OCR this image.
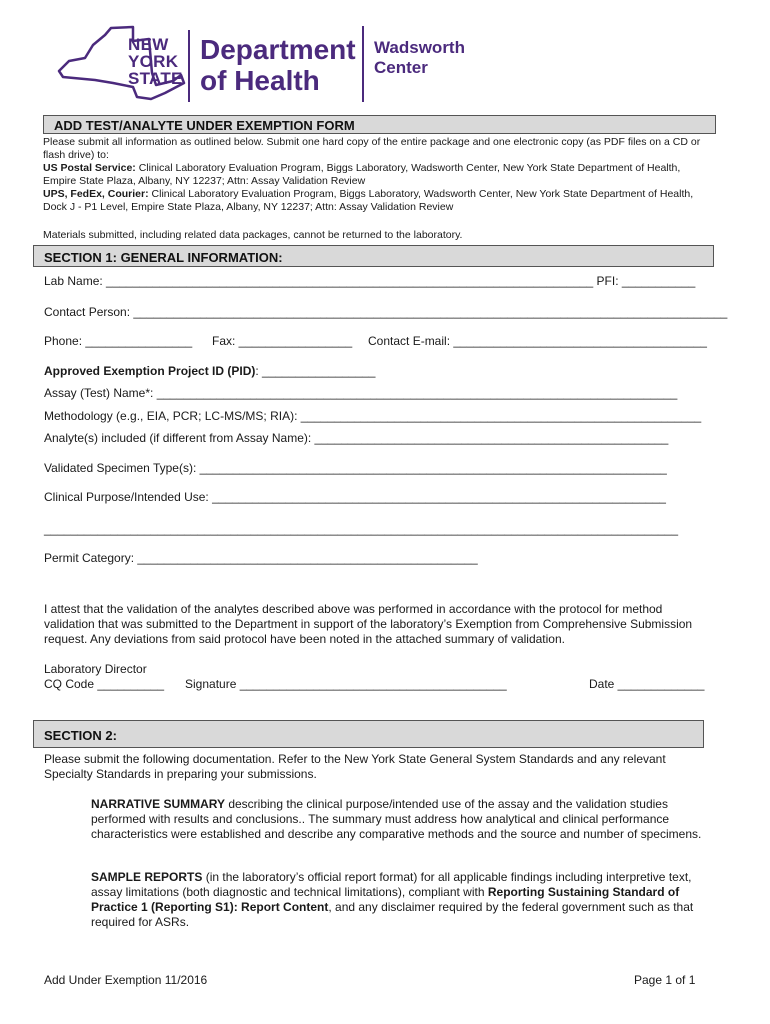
NEW
YORK
STATE
Department
of Health
Wadsworth
Center
ADD TEST/ANALYTE UNDER EXEMPTION FORM
Please submit all information as outlined below. Submit one hard copy of the entire package and one electronic copy (as PDF files on a CD or flash drive) to:
US Postal Service: Clinical Laboratory Evaluation Program, Biggs Laboratory, Wadsworth Center, New York State Department of Health, Empire State Plaza, Albany, NY 12237; Attn: Assay Validation Review
UPS, FedEx, Courier: Clinical Laboratory Evaluation Program, Biggs Laboratory, Wadsworth Center, New York State Department of Health, Dock J - P1 Level, Empire State Plaza, Albany, NY 12237; Attn: Assay Validation Review
Materials submitted, including related data packages, cannot be returned to the laboratory.
SECTION 1: GENERAL INFORMATION:
Lab Name: _________________________________________________________________________ PFI: ___________
Contact Person: _________________________________________________________________________________________
Phone: ________________ Fax: _________________ Contact E-mail: ______________________________________
Approved Exemption Project ID (PID): _________________
Assay (Test) Name*: ______________________________________________________________________________
Methodology (e.g., EIA, PCR; LC-MS/MS; RIA): ____________________________________________________________
Analyte(s) included (if different from Assay Name): _____________________________________________________
Validated Specimen Type(s): ______________________________________________________________________
Clinical Purpose/Intended Use: ____________________________________________________________________
_______________________________________________________________________________________________
Permit Category: ___________________________________________________
I attest that the validation of the analytes described above was performed in accordance with the protocol for method validation that was submitted to the Department in support of the laboratory’s Exemption from Comprehensive Submission request. Any deviations from said protocol have been noted in the attached summary of validation.
Laboratory Director
CQ Code __________ Signature ________________________________________	Date _____________
SECTION 2:
Please submit the following documentation. Refer to the New York State General System Standards and any relevant Specialty Standards in preparing your submissions.
NARRATIVE SUMMARY describing the clinical purpose/intended use of the assay and the validation studies performed with results and conclusions.. The summary must address how analytical and clinical performance characteristics were established and describe any comparative methods and the source and number of specimens.
SAMPLE REPORTS (in the laboratory’s official report format) for all applicable findings including interpretive text, assay limitations (both diagnostic and technical limitations), compliant with Reporting Sustaining Standard of Practice 1 (Reporting S1): Report Content, and any disclaimer required by the federal government such as that required for ASRs.
Add Under Exemption 11/2016	Page 1 of 1
